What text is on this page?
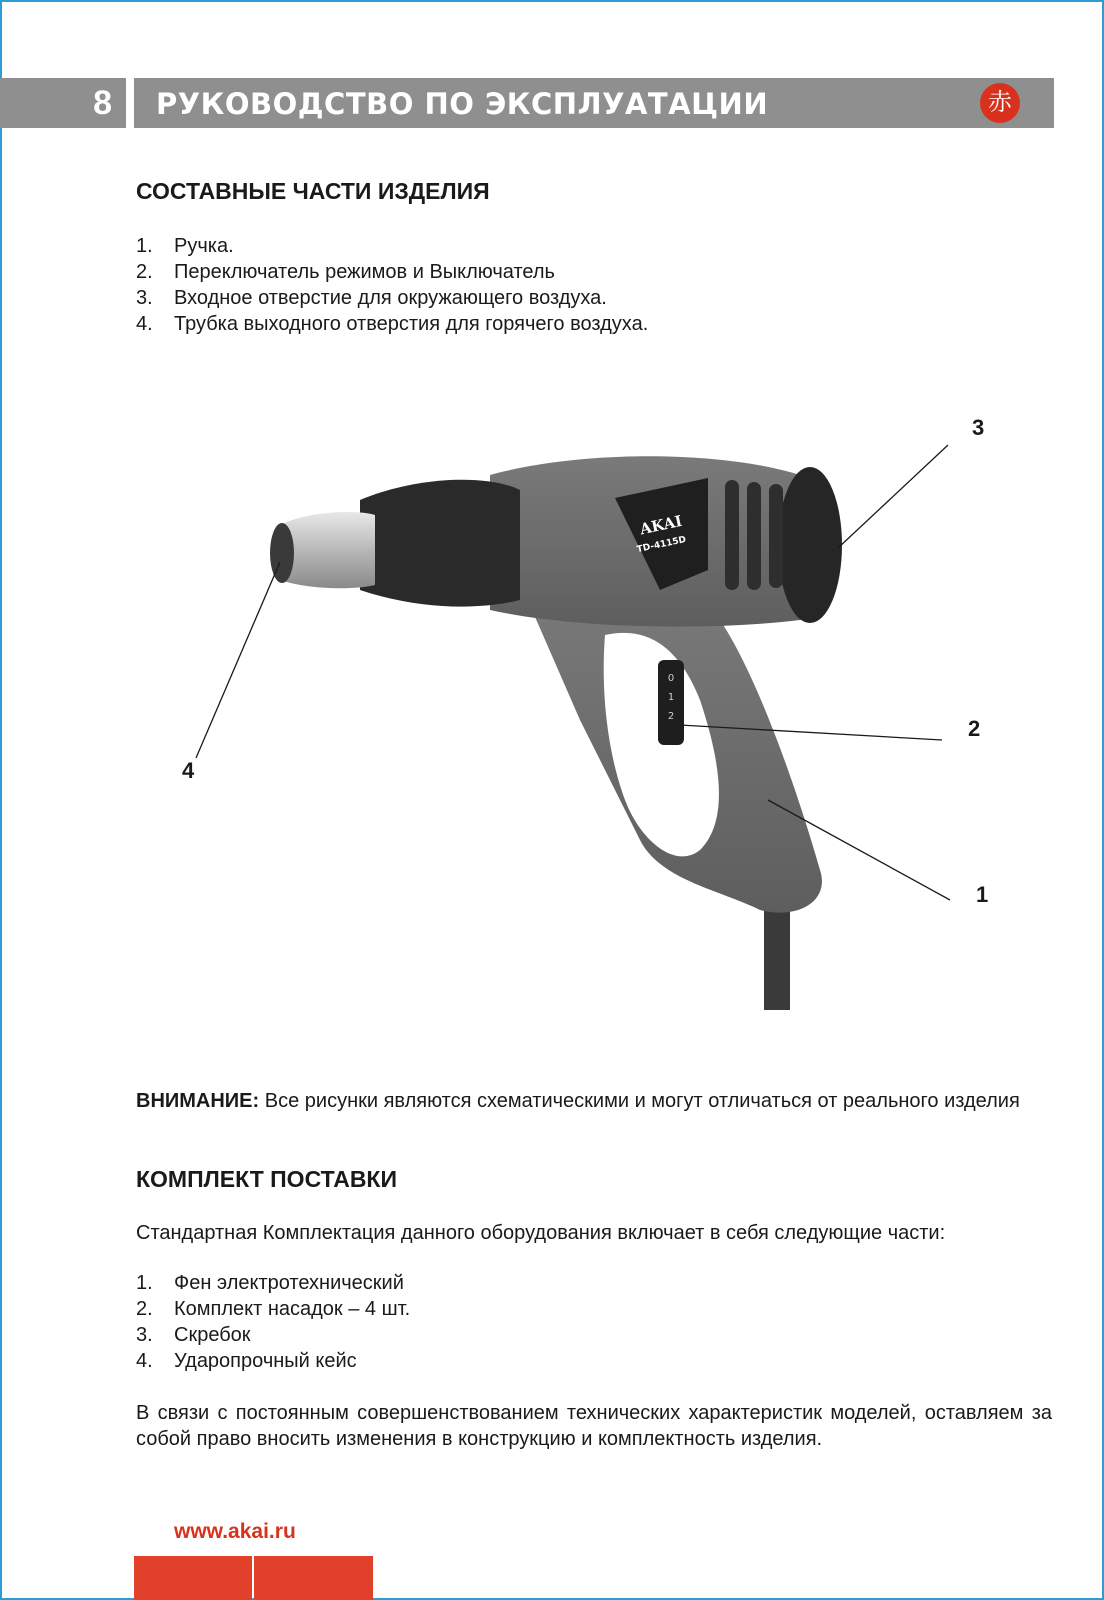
8	РУКОВОДСТВО ПО ЭКСПЛУАТАЦИИ	赤
СОСТАВНЫЕ ЧАСТИ ИЗДЕЛИЯ
1.	Ручка.
2.	Переключатель режимов и Выключатель
3.	Входное отверстие для окружающего воздуха.
4.	Трубка выходного отверстия для горячего воздуха.
AKAI
TD-4115D
0
1
2
3
2
1
4

ВНИМАНИЕ: Все рисунки являются схематическими и могут отличаться от реального изделия

КОМПЛЕКТ ПОСТАВКИ

Стандартная Комплектация данного оборудования включает в себя следующие части:

1.	Фен электротехнический
2.	Комплект насадок – 4 шт.
3.	Скребок
4.	Ударопрочный кейс

В связи с постоянным совершенствованием технических характеристик моделей, оставляем за собой право вносить изменения в конструкцию и комплектность изделия.

www.akai.ru
